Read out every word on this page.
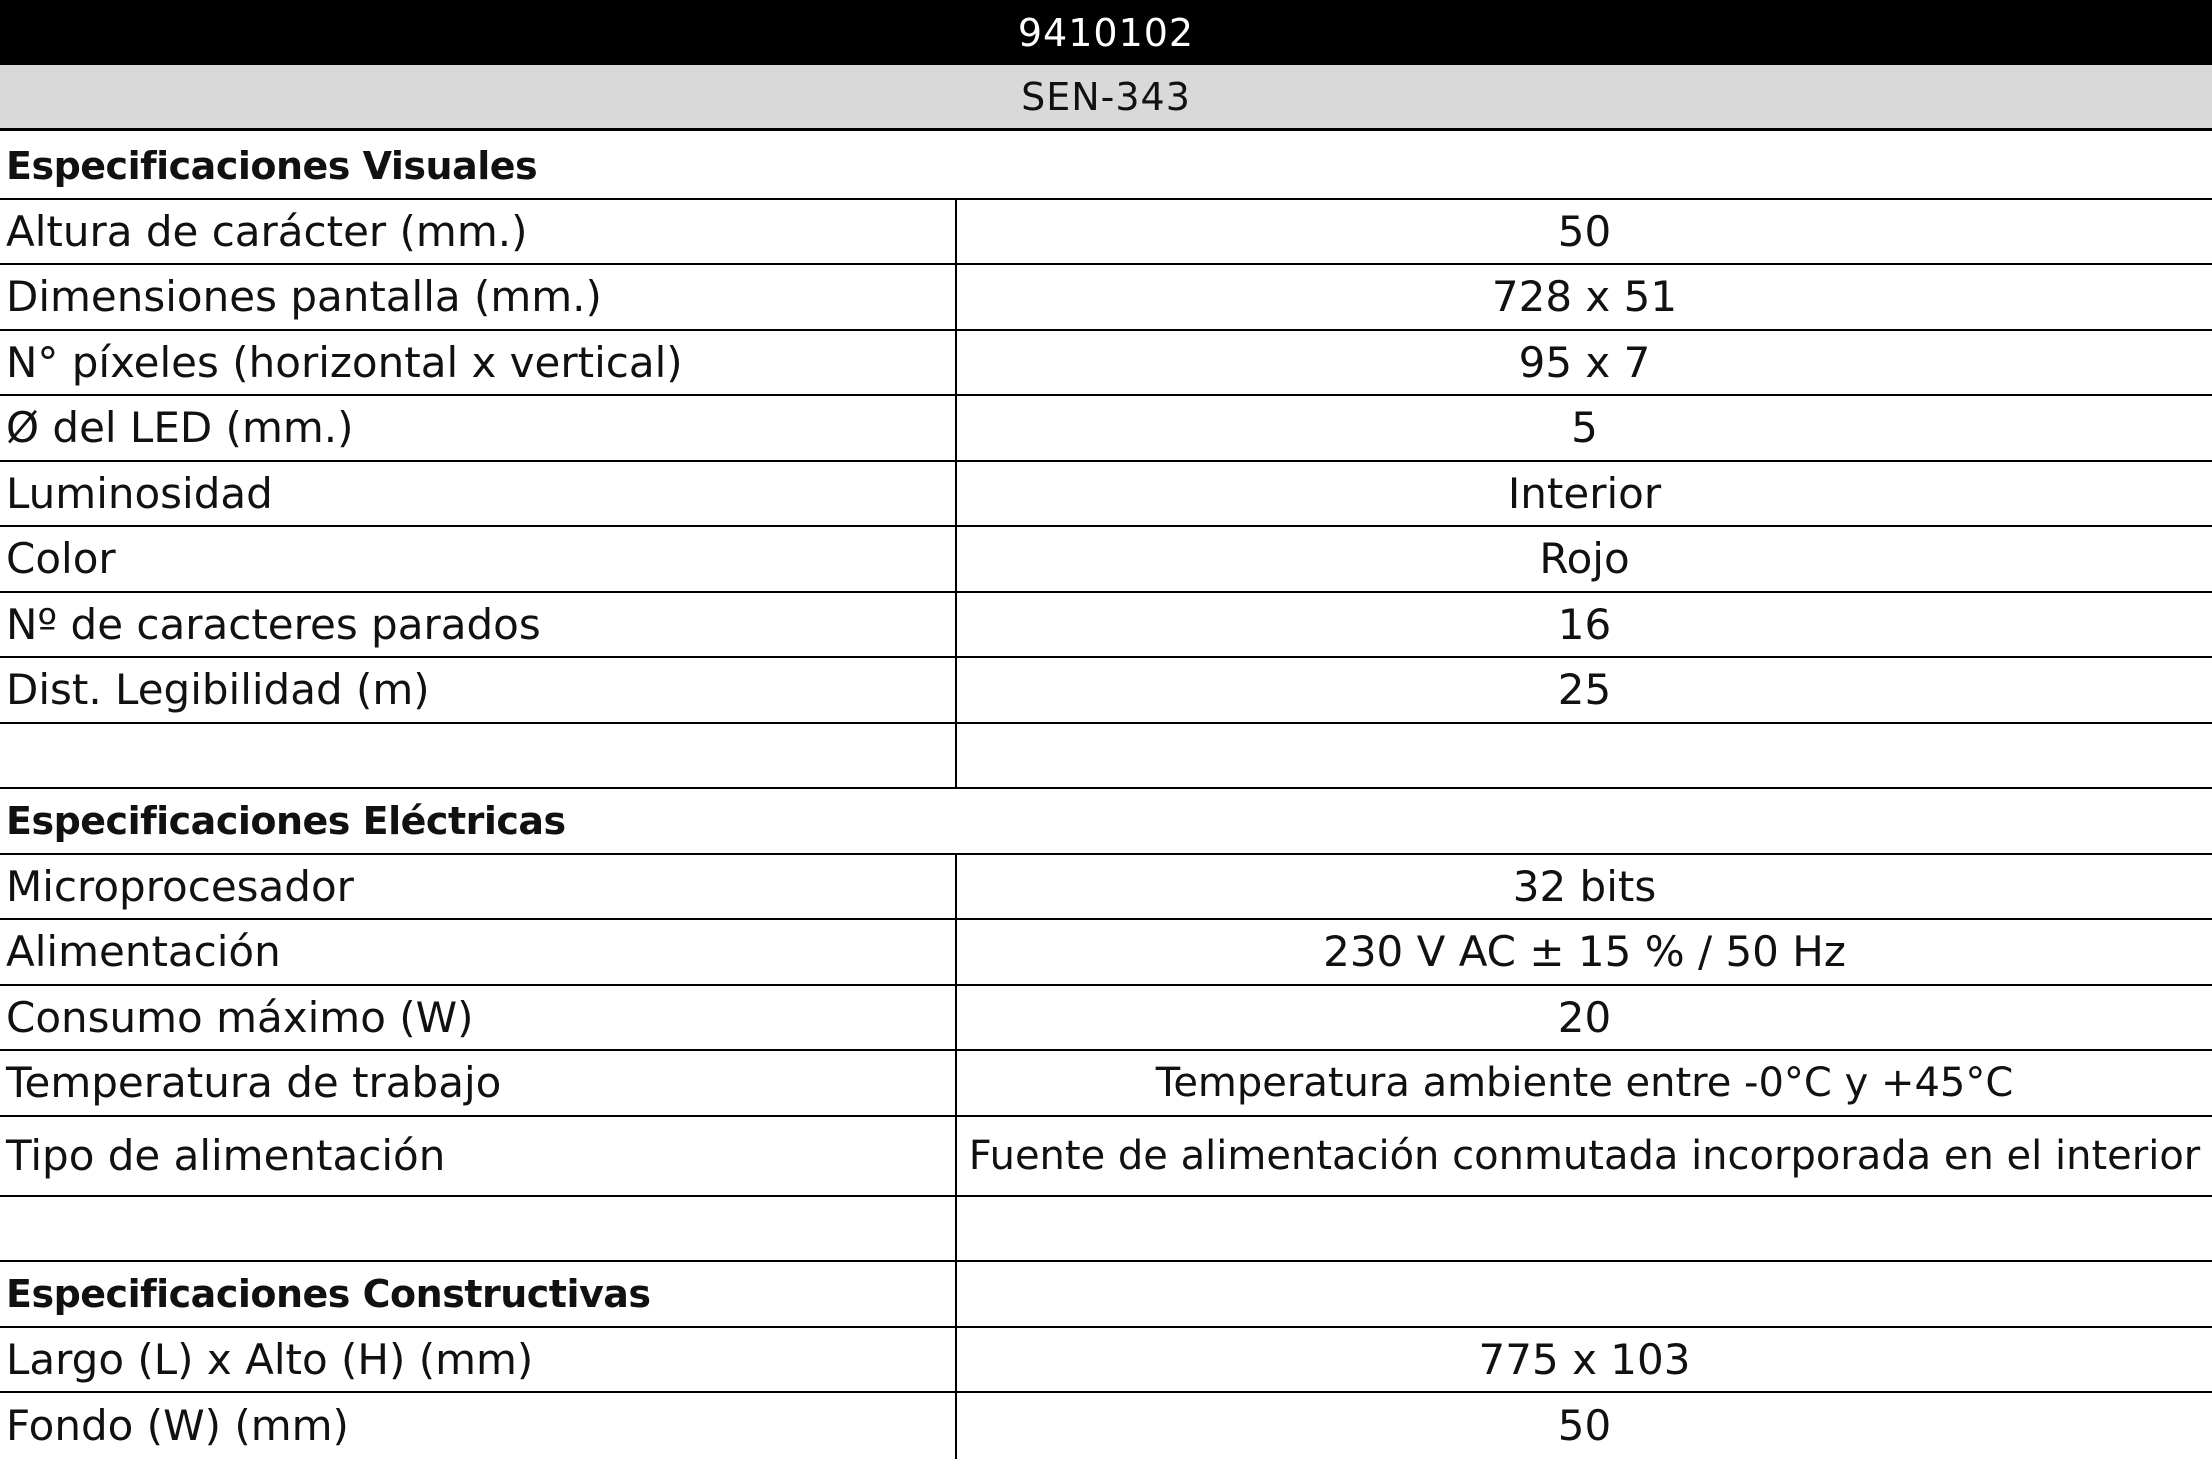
9410102
SEN-343
Especificaciones Visuales
Altura de carácter (mm.)	50
Dimensiones pantalla (mm.)	728 x 51
N° píxeles (horizontal x vertical)	95 x 7
Ø del LED (mm.)	5
Luminosidad	Interior
Color	Rojo
Nº de caracteres parados	16
Dist. Legibilidad (m)	25
Especificaciones Eléctricas
Microprocesador	32 bits
Alimentación	230 V AC ± 15 % / 50 Hz
Consumo máximo (W)	20
Temperatura de trabajo	Temperatura ambiente entre -0°C y +45°C
Tipo de alimentación	Fuente de alimentación conmutada incorporada en el interior
Especificaciones Constructivas
Largo (L) x Alto (H) (mm)	775 x 103
Fondo (W) (mm)	50
